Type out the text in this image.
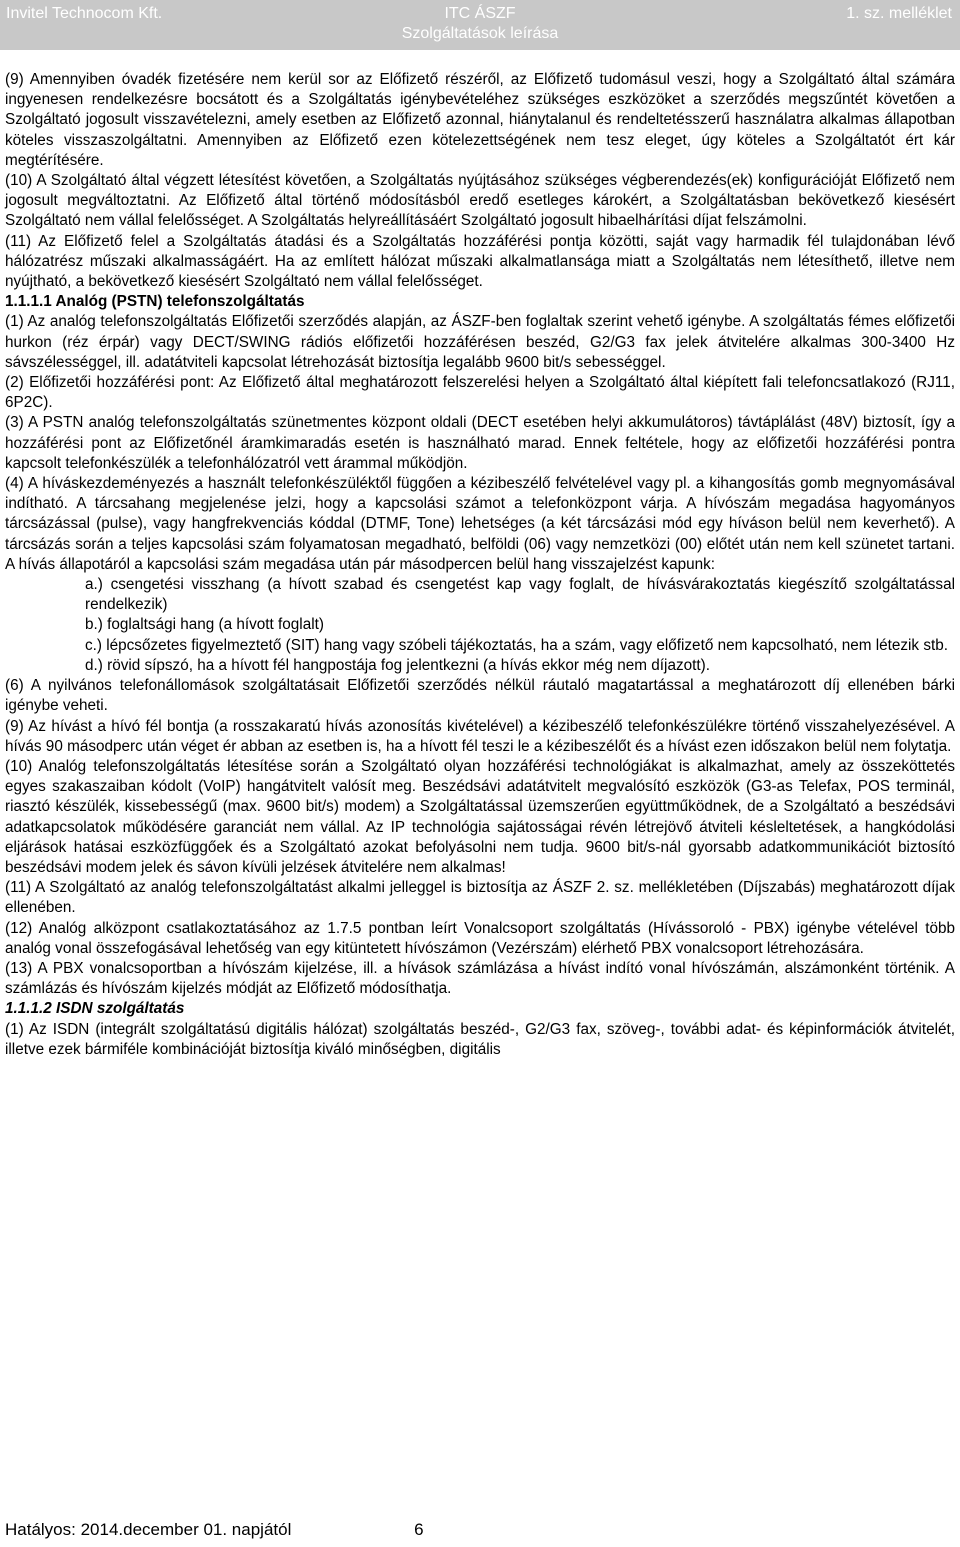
Invitel Technocom Kft.	ITC ÁSZF	1. sz. melléklet
Szolgáltatások leírása

(9) Amennyiben óvadék fizetésére nem kerül sor az Előfizető részéről, az Előfizető tudomásul veszi, hogy a Szolgáltató által számára ingyenesen rendelkezésre bocsátott és a Szolgáltatás igénybevételéhez szükséges eszközöket a szerződés megszűntét követően a Szolgáltató jogosult visszavételezni, amely esetben az Előfizető azonnal, hiánytalanul és rendeltetésszerű használatra alkalmas állapotban köteles visszaszolgáltatni. Amennyiben az Előfizető ezen kötelezettségének nem tesz eleget, úgy köteles a Szolgáltatót ért kár megtérítésére.

(10) A Szolgáltató által végzett létesítést követően, a Szolgáltatás nyújtásához szükséges végberendezés(ek) konfigurációját Előfizető nem jogosult megváltoztatni. Az Előfizető által történő módosításból eredő esetleges károkért, a Szolgáltatásban bekövetkező kiesésért Szolgáltató nem vállal felelősséget. A Szolgáltatás helyreállításáért Szolgáltató jogosult hibaelhárítási díjat felszámolni.

(11) Az Előfizető felel a Szolgáltatás átadási és a Szolgáltatás hozzáférési pontja közötti, saját vagy harmadik fél tulajdonában lévő hálózatrész műszaki alkalmasságáért. Ha az említett hálózat műszaki alkalmatlansága miatt a Szolgáltatás nem létesíthető, illetve nem nyújtható, a bekövetkező kiesésért Szolgáltató nem vállal felelősséget.

1.1.1.1 Analóg (PSTN) telefonszolgáltatás

(1) Az analóg telefonszolgáltatás Előfizetői szerződés alapján, az ÁSZF-ben foglaltak szerint vehető igénybe. A szolgáltatás fémes előfizetői hurkon (réz érpár) vagy DECT/SWING rádiós előfizetői hozzáférésen beszéd, G2/G3 fax jelek átvitelére alkalmas 300-3400 Hz sávszélességgel, ill. adatátviteli kapcsolat létrehozását biztosítja legalább 9600 bit/s sebességgel.

(2) Előfizetői hozzáférési pont: Az Előfizető által meghatározott felszerelési helyen a Szolgáltató által kiépített fali telefoncsatlakozó (RJ11, 6P2C).

(3) A PSTN analóg telefonszolgáltatás szünetmentes központ oldali (DECT esetében helyi akkumulátoros) távtáplálást (48V) biztosít, így a hozzáférési pont az Előfizetőnél áramkimaradás esetén is használható marad. Ennek feltétele, hogy az előfizetői hozzáférési pontra kapcsolt telefonkészülék a telefonhálózatról vett árammal működjön.

(4) A híváskezdeményezés a használt telefonkészüléktől függően a kézibeszélő felvételével vagy pl. a kihangosítás gomb megnyomásával indítható. A tárcsahang megjelenése jelzi, hogy a kapcsolási számot a telefonközpont várja. A hívószám megadása hagyományos tárcsázással (pulse), vagy hangfrekvenciás kóddal (DTMF, Tone) lehetséges (a két tárcsázási mód egy híváson belül nem keverhető). A tárcsázás során a teljes kapcsolási szám folyamatosan megadható, belföldi (06) vagy nemzetközi (00) előtét után nem kell szünetet tartani. A hívás állapotáról a kapcsolási szám megadása után pár másodpercen belül hang visszajelzést kapunk:

a.) csengetési visszhang (a hívott szabad és csengetést kap vagy foglalt, de hívásvárakoztatás kiegészítő szolgáltatással rendelkezik)
b.) foglaltsági hang (a hívott foglalt)
c.) lépcsőzetes figyelmeztető (SIT) hang vagy szóbeli tájékoztatás, ha a szám, vagy előfizető nem kapcsolható, nem létezik stb.
d.) rövid sípszó, ha a hívott fél hangpostája fog jelentkezni (a hívás ekkor még nem díjazott).

(6) A nyilvános telefonállomások szolgáltatásait Előfizetői szerződés nélkül ráutaló magatartással a meghatározott díj ellenében bárki igénybe veheti.

(9) Az hívást a hívó fél bontja (a rosszakaratú hívás azonosítás kivételével) a kézibeszélő telefonkészülékre történő visszahelyezésével. A hívás 90 másodperc után véget ér abban az esetben is, ha a hívott fél teszi le a kézibeszélőt és a hívást ezen időszakon belül nem folytatja.

(10) Analóg telefonszolgáltatás létesítése során a Szolgáltató olyan hozzáférési technológiákat is alkalmazhat, amely az összeköttetés egyes szakaszaiban kódolt (VoIP) hangátvitelt valósít meg. Beszédsávi adatátvitelt megvalósító eszközök (G3-as Telefax, POS terminál, riasztó készülék, kissebességű (max. 9600 bit/s) modem) a Szolgáltatással üzemszerűen együttműködnek, de a Szolgáltató a beszédsávi adatkapcsolatok működésére garanciát nem vállal. Az IP technológia sajátosságai révén létrejövő átviteli késleltetések, a hangkódolási eljárások hatásai eszközfüggőek és a Szolgáltató azokat befolyásolni nem tudja. 9600 bit/s-nál gyorsabb adatkommunikációt biztosító beszédsávi modem jelek és sávon kívüli jelzések átvitelére nem alkalmas!

(11) A Szolgáltató az analóg telefonszolgáltatást alkalmi jelleggel is biztosítja az ÁSZF 2. sz. mellékletében (Díjszabás) meghatározott díjak ellenében.

(12) Analóg alközpont csatlakoztatásához az 1.7.5 pontban leírt Vonalcsoport szolgáltatás (Hívássoroló - PBX) igénybe vételével több analóg vonal összefogásával lehetőség van egy kitüntetett hívószámon (Vezérszám) elérhető PBX vonalcsoport létrehozására.

(13) A PBX vonalcsoportban a hívószám kijelzése, ill. a hívások számlázása a hívást indító vonal hívószámán, alszámonként történik. A számlázás és hívószám kijelzés módját az Előfizető módosíthatja.

1.1.1.2 ISDN szolgáltatás

(1) Az ISDN (integrált szolgáltatású digitális hálózat) szolgáltatás beszéd-, G2/G3 fax, szöveg-, további adat- és képinformációk átvitelét, illetve ezek bármiféle kombinációját biztosítja kiváló minőségben, digitális

Hatályos: 2014.december 01. napjától	6
